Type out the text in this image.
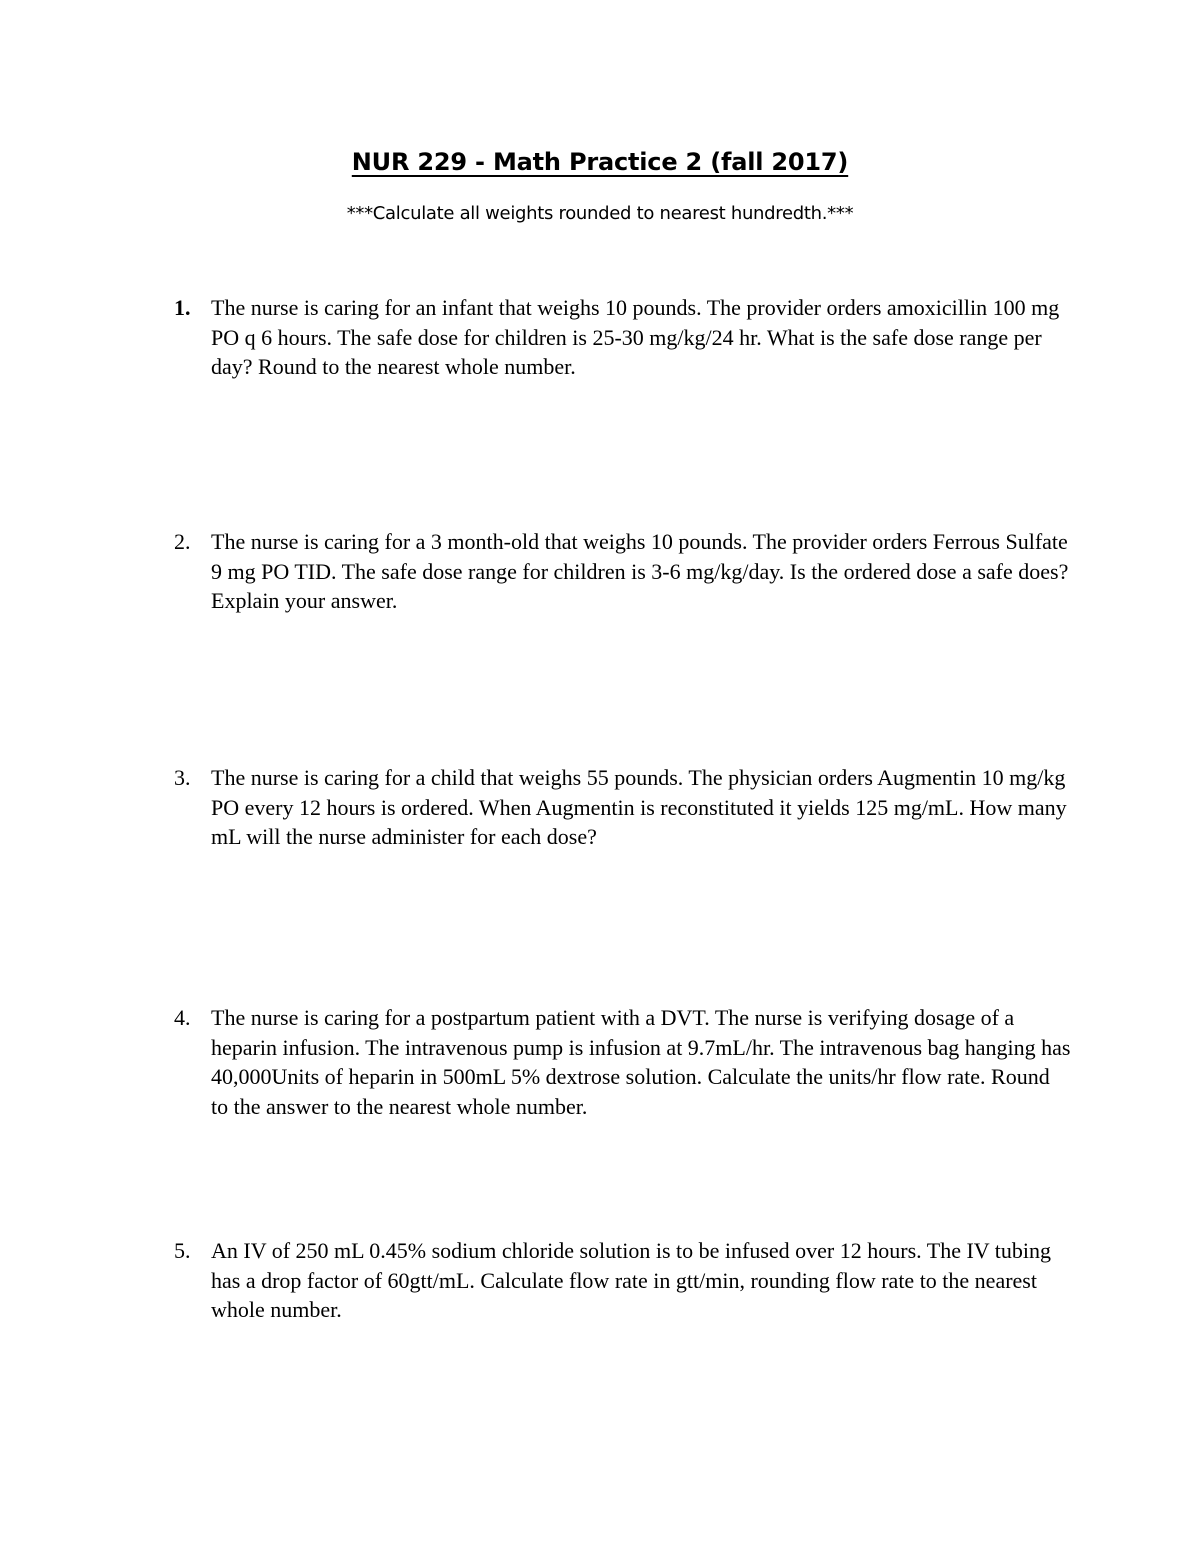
NUR 229 - Math Practice 2 (fall 2017)
***Calculate all weights rounded to nearest hundredth.***
1. The nurse is caring for an infant that weighs 10 pounds. The provider orders amoxicillin 100 mg PO q 6 hours. The safe dose for children is 25-30 mg/kg/24 hr. What is the safe dose range per day? Round to the nearest whole number.
2. The nurse is caring for a 3 month-old that weighs 10 pounds. The provider orders Ferrous Sulfate 9 mg PO TID. The safe dose range for children is 3-6 mg/kg/day. Is the ordered dose a safe does? Explain your answer.
3. The nurse is caring for a child that weighs 55 pounds. The physician orders Augmentin 10 mg/kg PO every 12 hours is ordered. When Augmentin is reconstituted it yields 125 mg/mL. How many mL will the nurse administer for each dose?
4. The nurse is caring for a postpartum patient with a DVT. The nurse is verifying dosage of a heparin infusion. The intravenous pump is infusion at 9.7mL/hr. The intravenous bag hanging has 40,000Units of heparin in 500mL 5% dextrose solution. Calculate the units/hr flow rate. Round to the answer to the nearest whole number.
5. An IV of 250 mL 0.45% sodium chloride solution is to be infused over 12 hours. The IV tubing has a drop factor of 60gtt/mL. Calculate flow rate in gtt/min, rounding flow rate to the nearest whole number.
